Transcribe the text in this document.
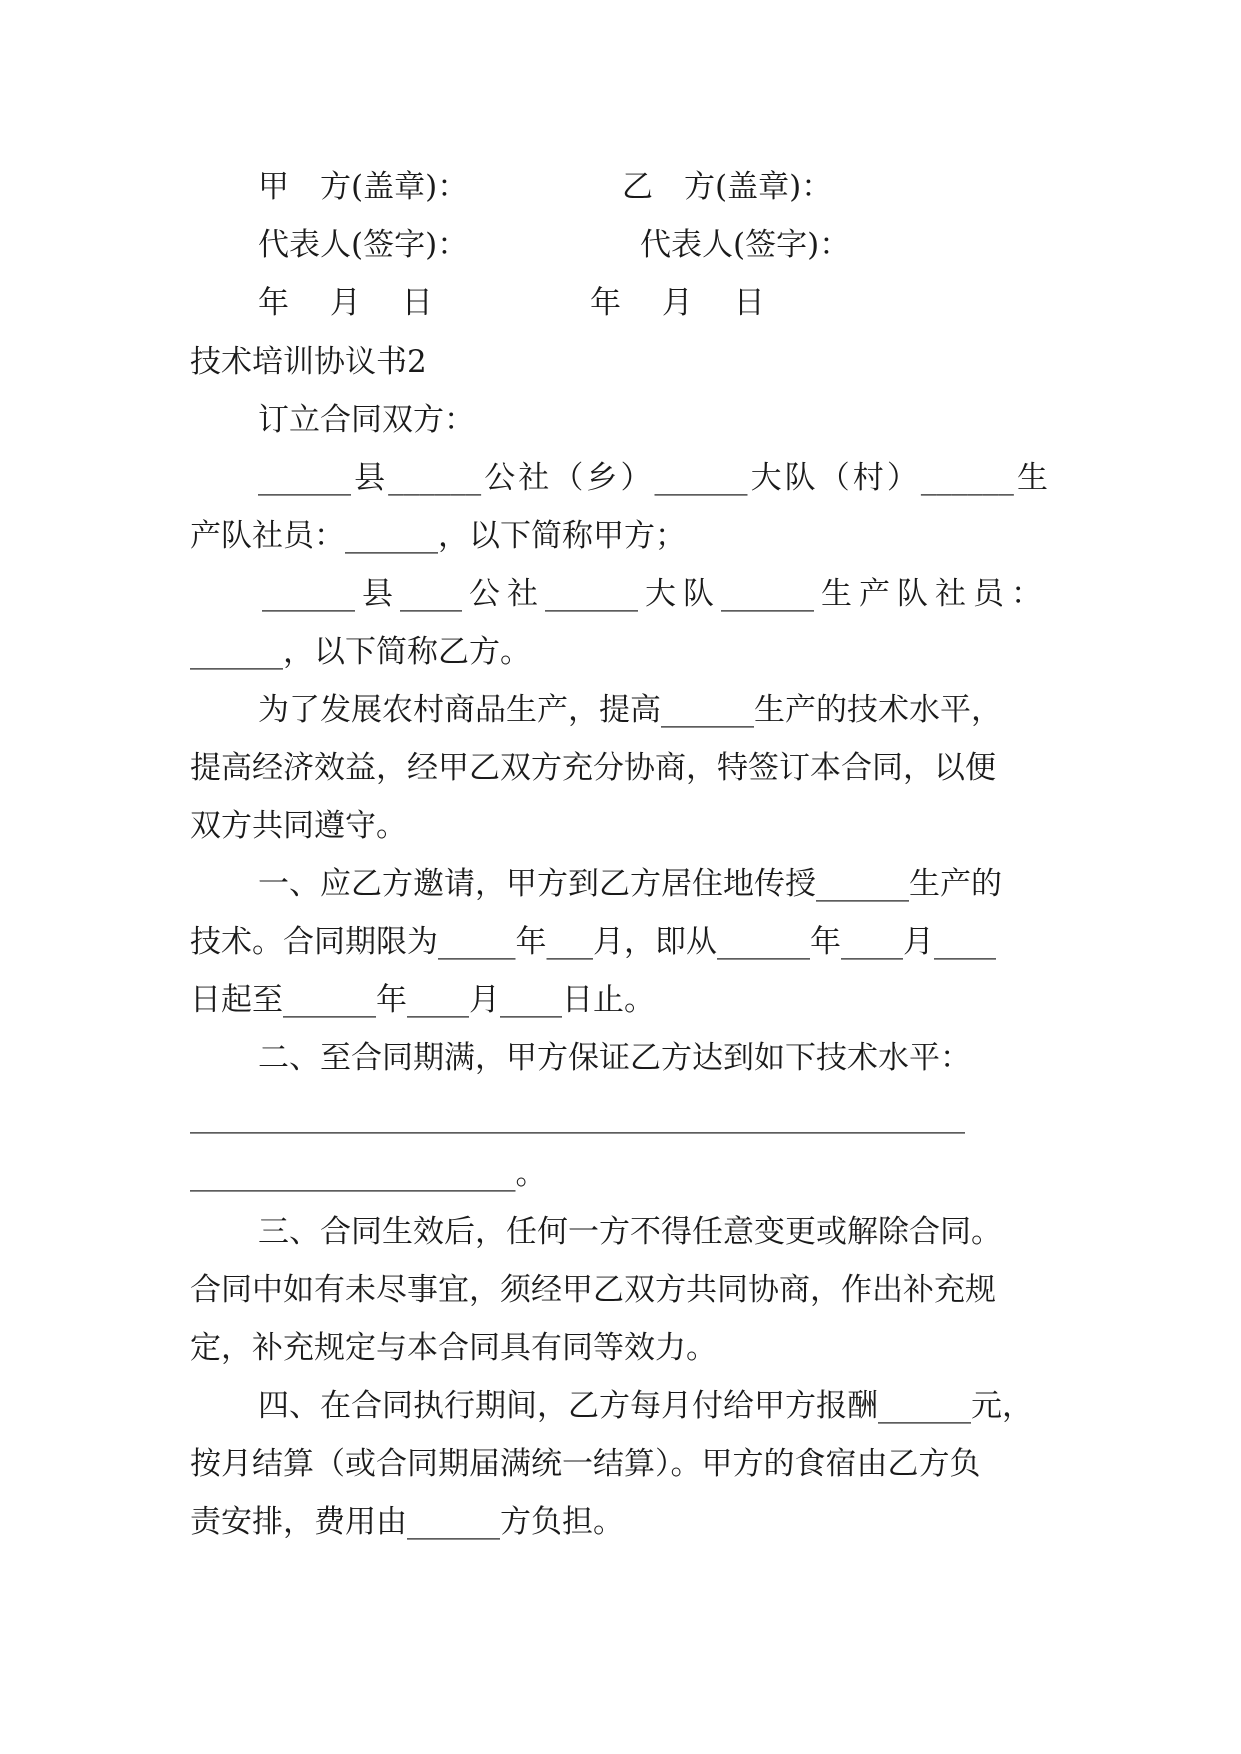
甲　方(盖章)：	乙　方(盖章)：
代表人(签字)：	代表人(签字)：
年　 月 　日	年 　月 　日
技术培训协议书2
订立合同双方：
______县______公社（乡）______大队（村）______生
产队社员：______，以下简称甲方；
______县____公社______大队______生产队社员：
______，以下简称乙方。
为了发展农村商品生产，提高______生产的技术水平，
提高经济效益，经甲乙双方充分协商，特签订本合同，以便
双方共同遵守。
一、应乙方邀请，甲方到乙方居住地传授______生产的
技术。合同期限为_____年___月，即从______年____月____
日起至______年____月____日止。
二、至合同期满，甲方保证乙方达到如下技术水平：
__________________________________________________
_____________________。
三、合同生效后，任何一方不得任意变更或解除合同。
合同中如有未尽事宜，须经甲乙双方共同协商，作出补充规
定，补充规定与本合同具有同等效力。
四、在合同执行期间，乙方每月付给甲方报酬______元，
按月结算（或合同期届满统一结算）。甲方的食宿由乙方负
责安排，费用由______方负担。
